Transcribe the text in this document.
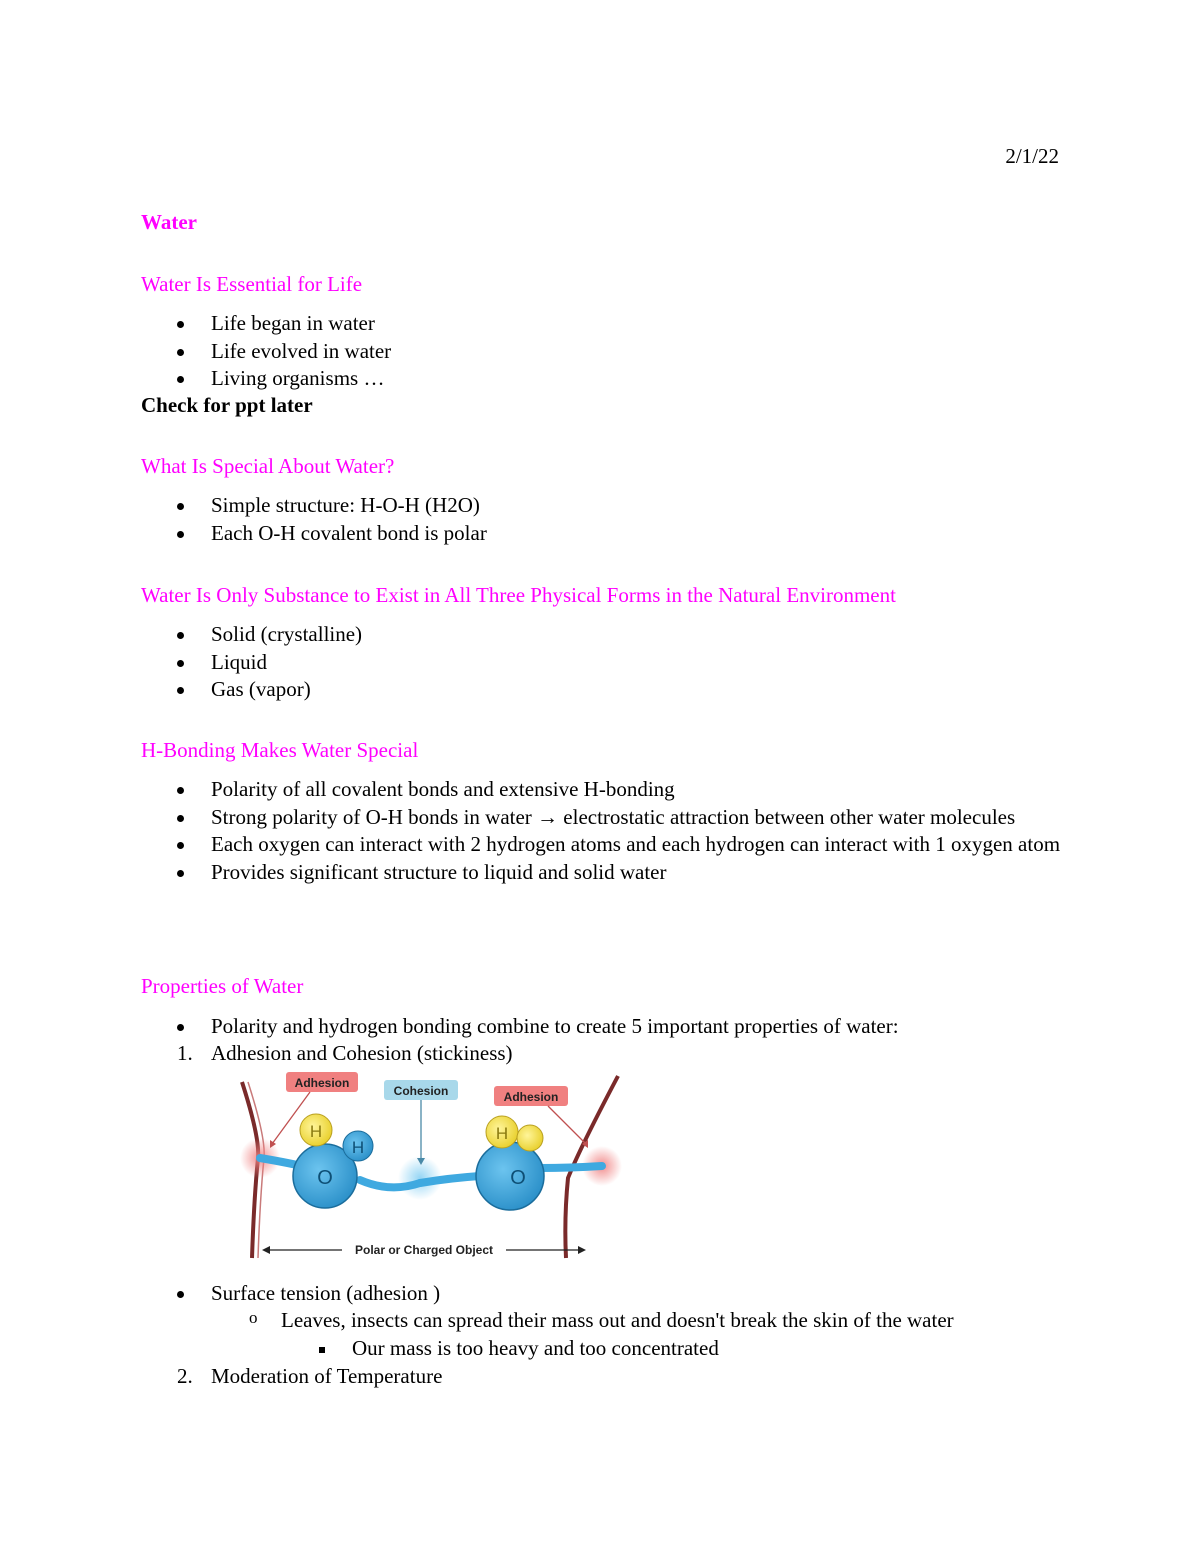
2/1/22
Water
Water Is Essential for Life
Life began in water
Life evolved in water
Living organisms …
Check for ppt later
What Is Special About Water?
Simple structure: H-O-H (H2O)
Each O-H covalent bond is polar
Water Is Only Substance to Exist in All Three Physical Forms in the Natural Environment
Solid (crystalline)
Liquid
Gas (vapor)
H-Bonding Makes Water Special
Polarity of all covalent bonds and extensive H-bonding
Strong polarity of O-H bonds in water → electrostatic attraction between other water molecules
Each oxygen can interact with 2 hydrogen atoms and each hydrogen can interact with 1 oxygen atom
Provides significant structure to liquid and solid water
Properties of Water
Polarity and hydrogen bonding combine to create 5 important properties of water:
1. Adhesion and Cohesion (stickiness)
O
H
H
O
H
Adhesion
Cohesion	Adhesion
Polar or Charged Object
Surface tension (adhesion )
o Leaves, insects can spread their mass out and doesn't break the skin of the water
Our mass is too heavy and too concentrated
2. Moderation of Temperature
